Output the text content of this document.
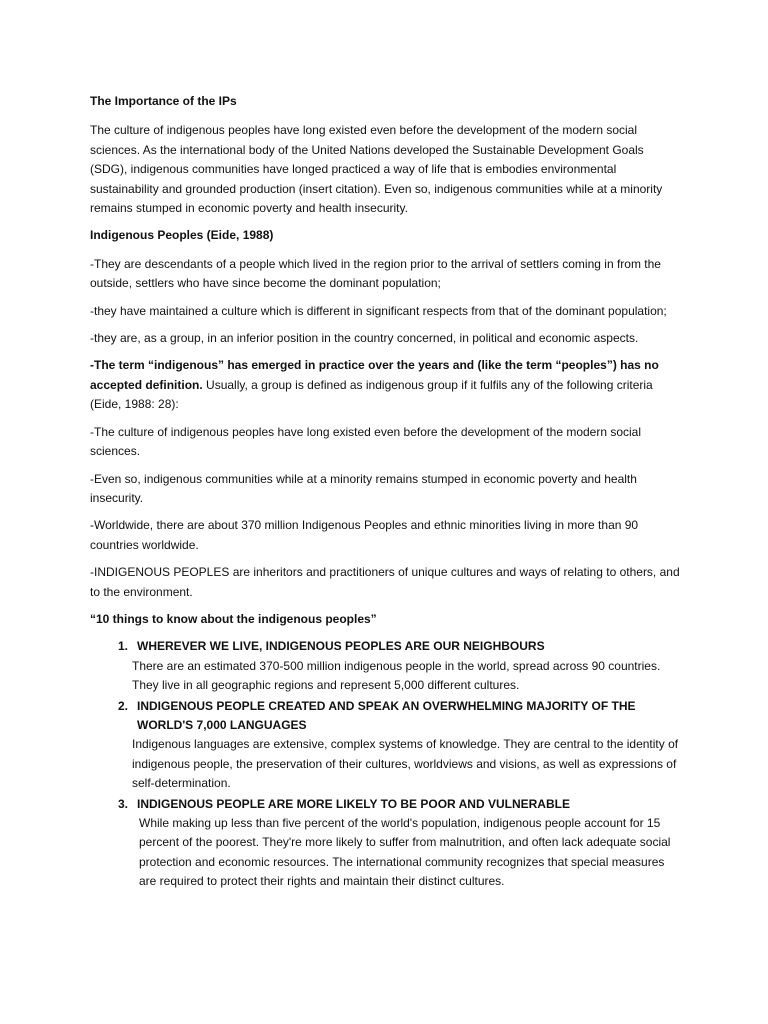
The Importance of the IPs

The culture of indigenous peoples have long existed even before the development of the modern social sciences. As the international body of the United Nations developed the Sustainable Development Goals (SDG), indigenous communities have longed practiced a way of life that is embodies environmental sustainability and grounded production (insert citation). Even so, indigenous communities while at a minority remains stumped in economic poverty and health insecurity.

Indigenous Peoples (Eide, 1988)

-They are descendants of a people which lived in the region prior to the arrival of settlers coming in from the outside, settlers who have since become the dominant population;

-they have maintained a culture which is different in significant respects from that of the dominant population;

-they are, as a group, in an inferior position in the country concerned, in political and economic aspects.

-The term “indigenous” has emerged in practice over the years and (like the term “peoples”) has no accepted definition. Usually, a group is defined as indigenous group if it fulfils any of the following criteria (Eide, 1988: 28):

-The culture of indigenous peoples have long existed even before the development of the modern social sciences.

-Even so, indigenous communities while at a minority remains stumped in economic poverty and health insecurity.

-Worldwide, there are about 370 million Indigenous Peoples and ethnic minorities living in more than 90 countries worldwide.

-INDIGENOUS PEOPLES are inheritors and practitioners of unique cultures and ways of relating to others, and to the environment.

“10 things to know about the indigenous peoples”

1. WHEREVER WE LIVE, INDIGENOUS PEOPLES ARE OUR NEIGHBOURS
There are an estimated 370-500 million indigenous people in the world, spread across 90 countries. They live in all geographic regions and represent 5,000 different cultures.
2. INDIGENOUS PEOPLE CREATED AND SPEAK AN OVERWHELMING MAJORITY OF THE WORLD'S 7,000 LANGUAGES
Indigenous languages are extensive, complex systems of knowledge. They are central to the identity of indigenous people, the preservation of their cultures, worldviews and visions, as well as expressions of self-determination.
3. INDIGENOUS PEOPLE ARE MORE LIKELY TO BE POOR AND VULNERABLE
While making up less than five percent of the world's population, indigenous people account for 15 percent of the poorest. They're more likely to suffer from malnutrition, and often lack adequate social protection and economic resources. The international community recognizes that special measures are required to protect their rights and maintain their distinct cultures.
